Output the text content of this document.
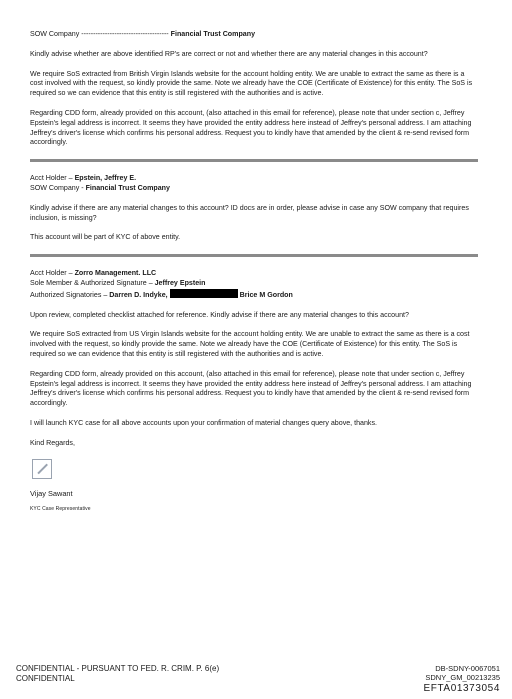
SOW Company ------------------------------------- Financial Trust Company

Kindly advise whether are above identified RP's are correct or not and whether there are any material changes in this account?

We require SoS extracted from British Virgin Islands website for the account holding entity. We are unable to extract the same as there is a cost involved with the request, so kindly provide the same. Note we already have the COE (Certificate of Existence) for this entity. The SoS is required so we can evidence that this entity is still registered with the authorities and is active.

Regarding CDD form, already provided on this account, (also attached in this email for reference), please note that under section c, Jeffrey Epstein's legal address is incorrect. It seems they have provided the entity address here instead of Jeffrey's personal address. I am attaching Jeffrey's driver's license which confirms his personal address. Request you to kindly have that amended by the client & re-send revised form accordingly.

Acct Holder – Epstein, Jeffrey E.

SOW Company - Financial Trust Company

Kindly advise if there are any material changes to this account? ID docs are in order, please advise in case any SOW company that requires inclusion, is missing?

This account will be part of KYC of above entity.

Acct Holder – Zorro Management. LLC
Sole Member & Authorized Signature – Jeffrey Epstein

Authorized Signatories – Darren D. Indyke,	Brice M Gordon

Upon review, completed checklist attached for reference. Kindly advise if there are any material changes to this account?

We require SoS extracted from US Virgin Islands website for the account holding entity. We are unable to extract the same as there is a cost involved with the request, so kindly provide the same. Note we already have the COE (Certificate of Existence) for this entity. The SoS is required so we can evidence that this entity is still registered with the authorities and is active.

Regarding CDD form, already provided on this account, (also attached in this email for reference), please note that under section c, Jeffrey Epstein's legal address is incorrect. It seems they have provided the entity address here instead of Jeffrey's personal address. I am attaching Jeffrey's driver's license which confirms his personal address. Request you to kindly have that amended by the client & re-send revised form accordingly.

I will launch KYC case for all above accounts upon your confirmation of material changes query above, thanks.

Kind Regards,

Vijay Sawant
KYC Case Representative
CONFIDENTIAL - PURSUANT TO FED. R. CRIM. P. 6(e)
CONFIDENTIAL
DB-SDNY-0067051
SDNY_GM_00213235
EFTA01373054
